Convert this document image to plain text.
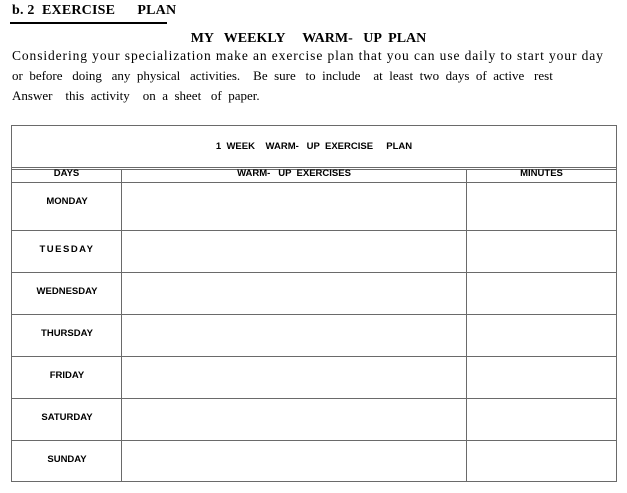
b. 2  EXERCISE      PLAN
MY   WEEKLY     WARM-   UP  PLAN
Considering your specialization make an exercise plan that you can use daily to start your day
or  before   doing   any  physical   activities.    Be  sure   to  include    at  least  two  days  of  active   rest
Answer    this  activity    on  a  sheet   of  paper.
1  WEEK    WARM-   UP  EXERCISE     PLAN
DAYS	WARM-   UP  EXERCISES	MINUTES
MONDAY
TUESDAY
WEDNESDAY
THURSDAY
FRIDAY
SATURDAY
SUNDAY
